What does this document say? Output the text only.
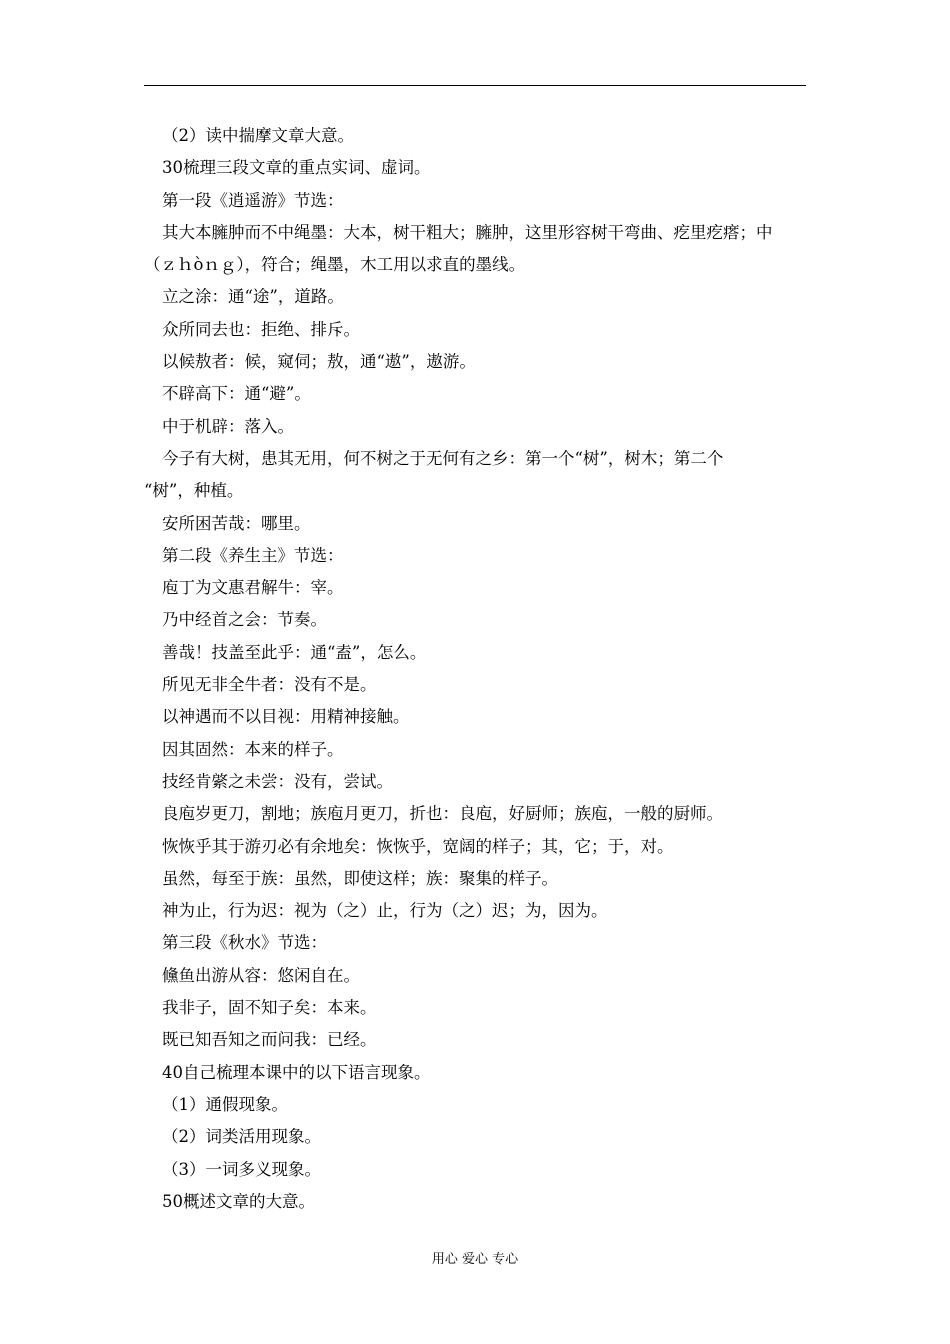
（2）读中揣摩文章大意。
30梳理三段文章的重点实词、虚词。
第一段《逍遥游》节选：
其大本臃肿而不中绳墨：大本，树干粗大；臃肿，这里形容树干弯曲、疙里疙瘩；中
（ｚｈòｎｇ），符合；绳墨，木工用以求直的墨线。
立之涂：通“途”，道路。
众所同去也：拒绝、排斥。
以候敖者：候，窥伺；敖，通“遨”，遨游。
不辟高下：通“避”。
中于机辟：落入。
今子有大树，患其无用，何不树之于无何有之乡：第一个“树”，树木；第二个
“树”，种植。
安所困苦哉：哪里。
第二段《养生主》节选：
庖丁为文惠君解牛：宰。
乃中经首之会：节奏。
善哉！技盖至此乎：通“盍”，怎么。
所见无非全牛者：没有不是。
以神遇而不以目视：用精神接触。
因其固然：本来的样子。
技经肯綮之未尝：没有，尝试。
良庖岁更刀，割地；族庖月更刀，折也：良庖，好厨师；族庖，一般的厨师。
恢恢乎其于游刃必有余地矣：恢恢乎，宽阔的样子；其，它；于，对。
虽然，每至于族：虽然，即使这样；族：聚集的样子。
神为止，行为迟：视为（之）止，行为（之）迟；为，因为。
第三段《秋水》节选：
儵鱼出游从容：悠闲自在。
我非子，固不知子矣：本来。
既已知吾知之而问我：已经。
40自己梳理本课中的以下语言现象。
（1）通假现象。
（2）词类活用现象。
（3）一词多义现象。
50概述文章的大意。
用心 爱心 专心
